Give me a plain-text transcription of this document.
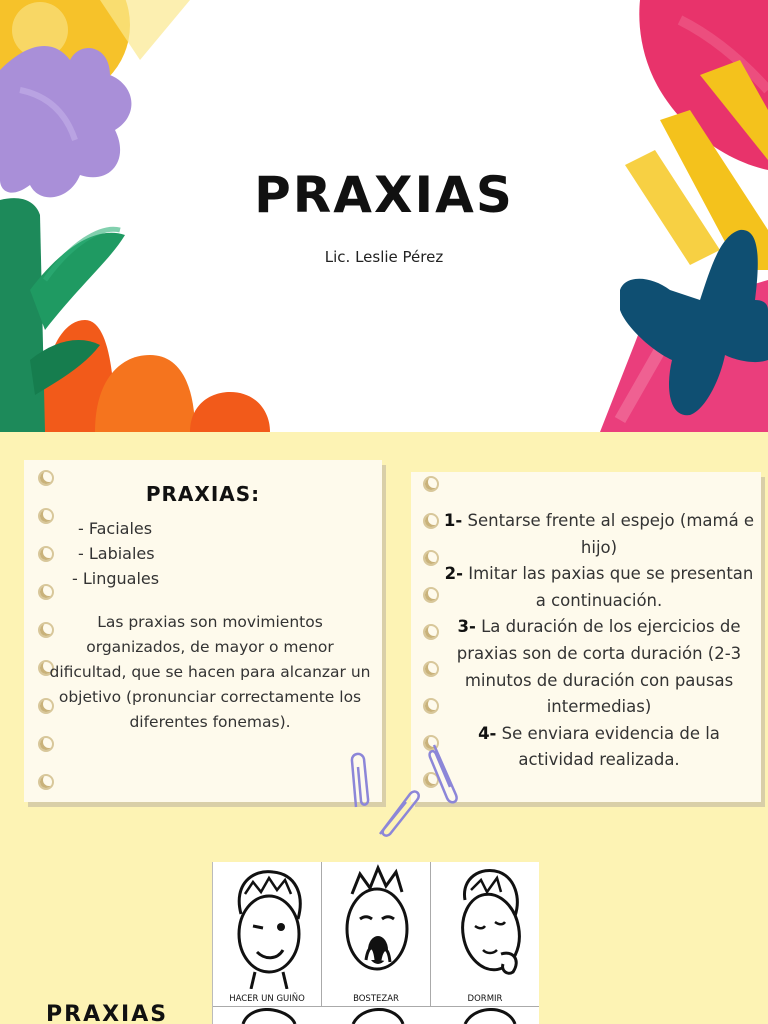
PRAXIAS
Lic. Leslie Pérez
PRAXIAS:
- Faciales
- Labiales
- Linguales
Las praxias son movimientos organizados, de mayor o menor dificultad, que se hacen para alcanzar un objetivo (pronunciar correctamente los diferentes fonemas).
1- Sentarse frente al espejo (mamá e hijo)
2- Imitar las paxias que se presentan a continuación.
3- La duración de los ejercicios de praxias son de corta duración (2-3 minutos de duración con pausas intermedias)
4- Se enviara evidencia de la actividad realizada.
HACER UN GUIÑO	BOSTEZAR	DORMIR
PRAXIAS
